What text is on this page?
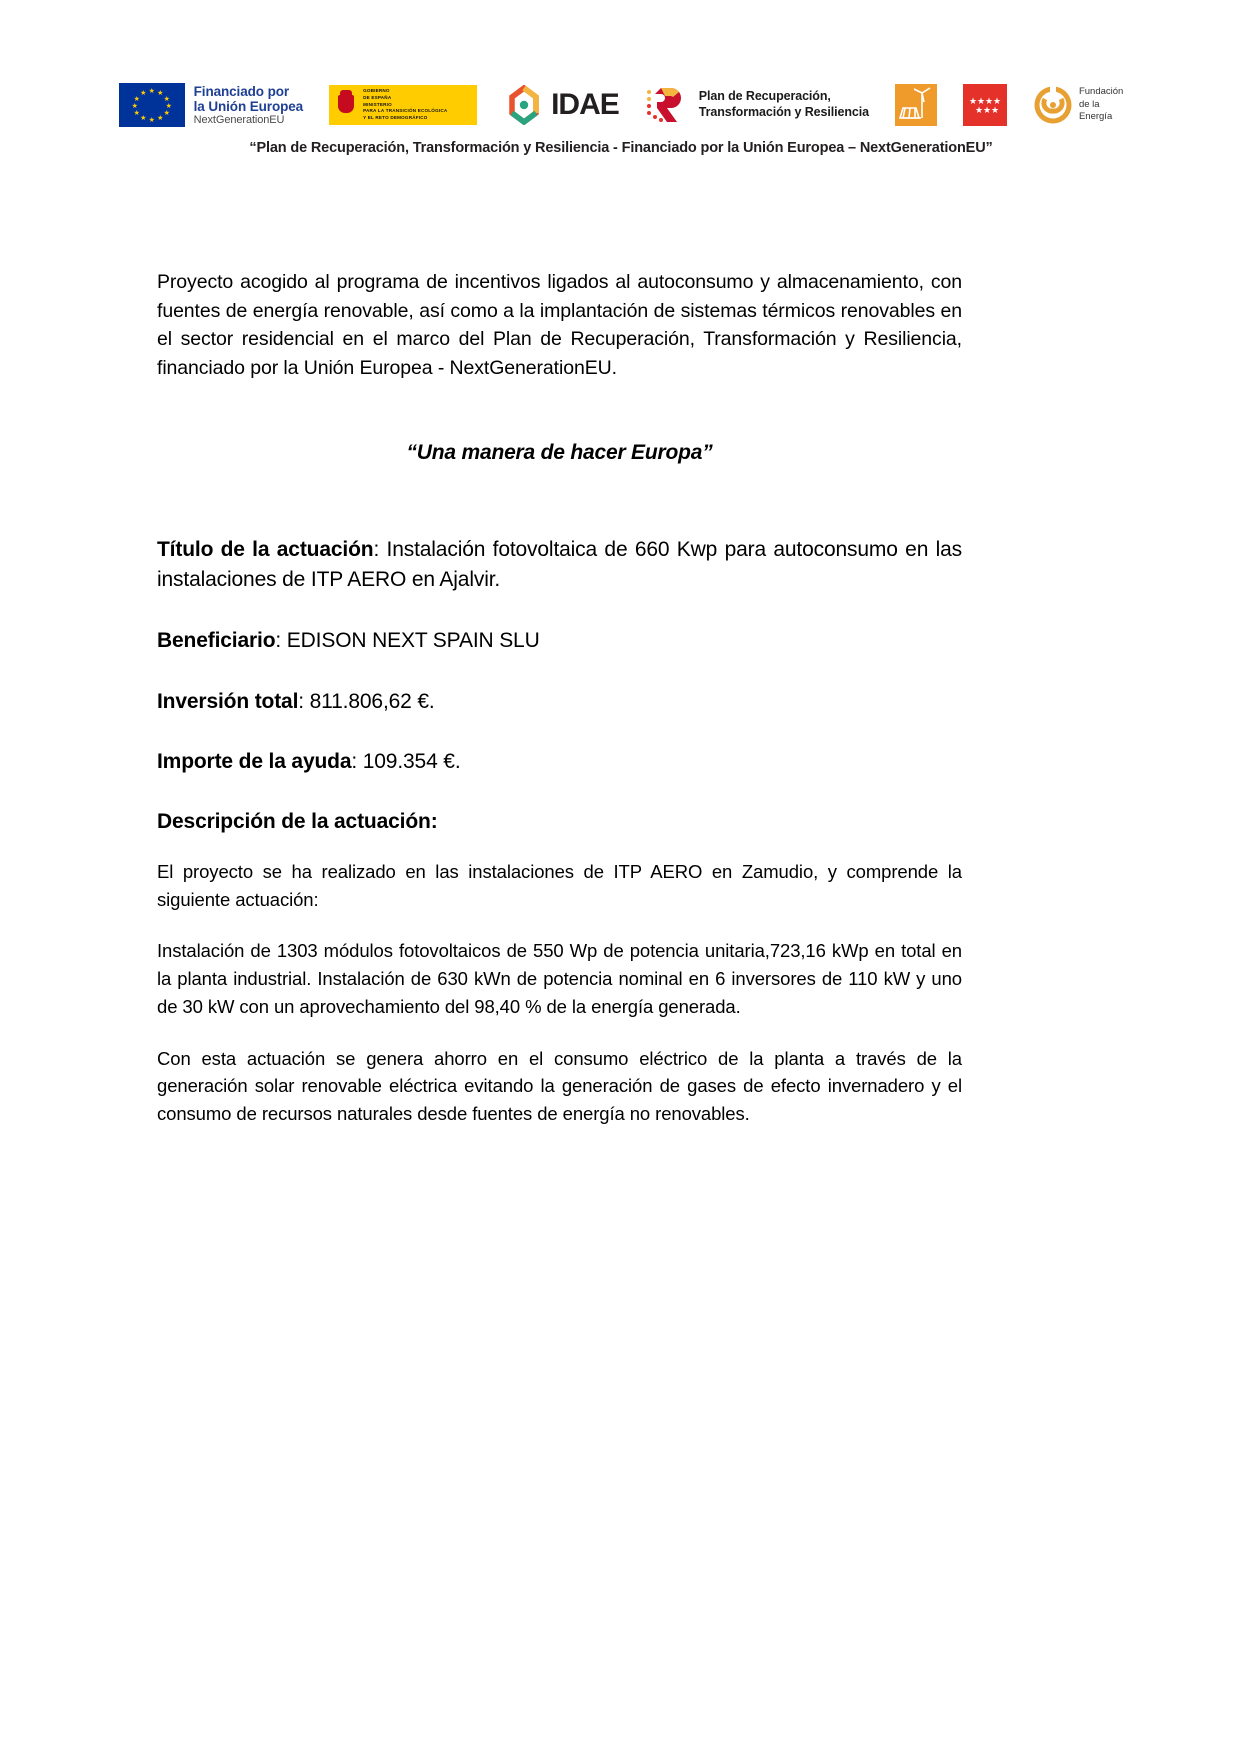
★ ★
★
★
★
★
★
★
★
★
★
★	Financiado por
la Unión Europea
NextGenerationEU
GOBIERNO
DE ESPAÑA
MINISTERIO
PARA LA TRANSICIÓN ECOLÓGICA
Y EL RETO DEMOGRÁFICO	IDAE	Plan de Recuperación,
Transformación y Resiliencia
★ ★ ★ ★
★ ★ ★
Fundación
de la
Energía
“Plan de Recuperación, Transformación y Resiliencia - Financiado por la Unión Europea – NextGenerationEU”

Proyecto acogido al programa de incentivos ligados al autoconsumo y almacenamiento, con fuentes de energía renovable, así como a la implantación de sistemas térmicos renovables en el sector residencial en el marco del Plan de Recuperación, Transformación y Resiliencia, financiado por la Unión Europea - NextGenerationEU.

“Una manera de hacer Europa”

Título de la actuación: Instalación fotovoltaica de 660 Kwp para autoconsumo en las instalaciones de ITP AERO en Ajalvir.

Beneficiario: EDISON NEXT SPAIN SLU

Inversión total: 811.806,62 €.

Importe de la ayuda: 109.354 €.

Descripción de la actuación:

El proyecto se ha realizado en las instalaciones de ITP AERO en Zamudio, y comprende la siguiente actuación:

Instalación de 1303 módulos fotovoltaicos de 550 Wp de potencia unitaria,723,16 kWp en total en la planta industrial. Instalación de 630 kWn de potencia nominal en 6 inversores de 110 kW y uno de 30 kW con un aprovechamiento del 98,40 % de la energía generada.

Con esta actuación se genera ahorro en el consumo eléctrico de la planta a través de la generación solar renovable eléctrica evitando la generación de gases de efecto invernadero y el consumo de recursos naturales desde fuentes de energía no renovables.
